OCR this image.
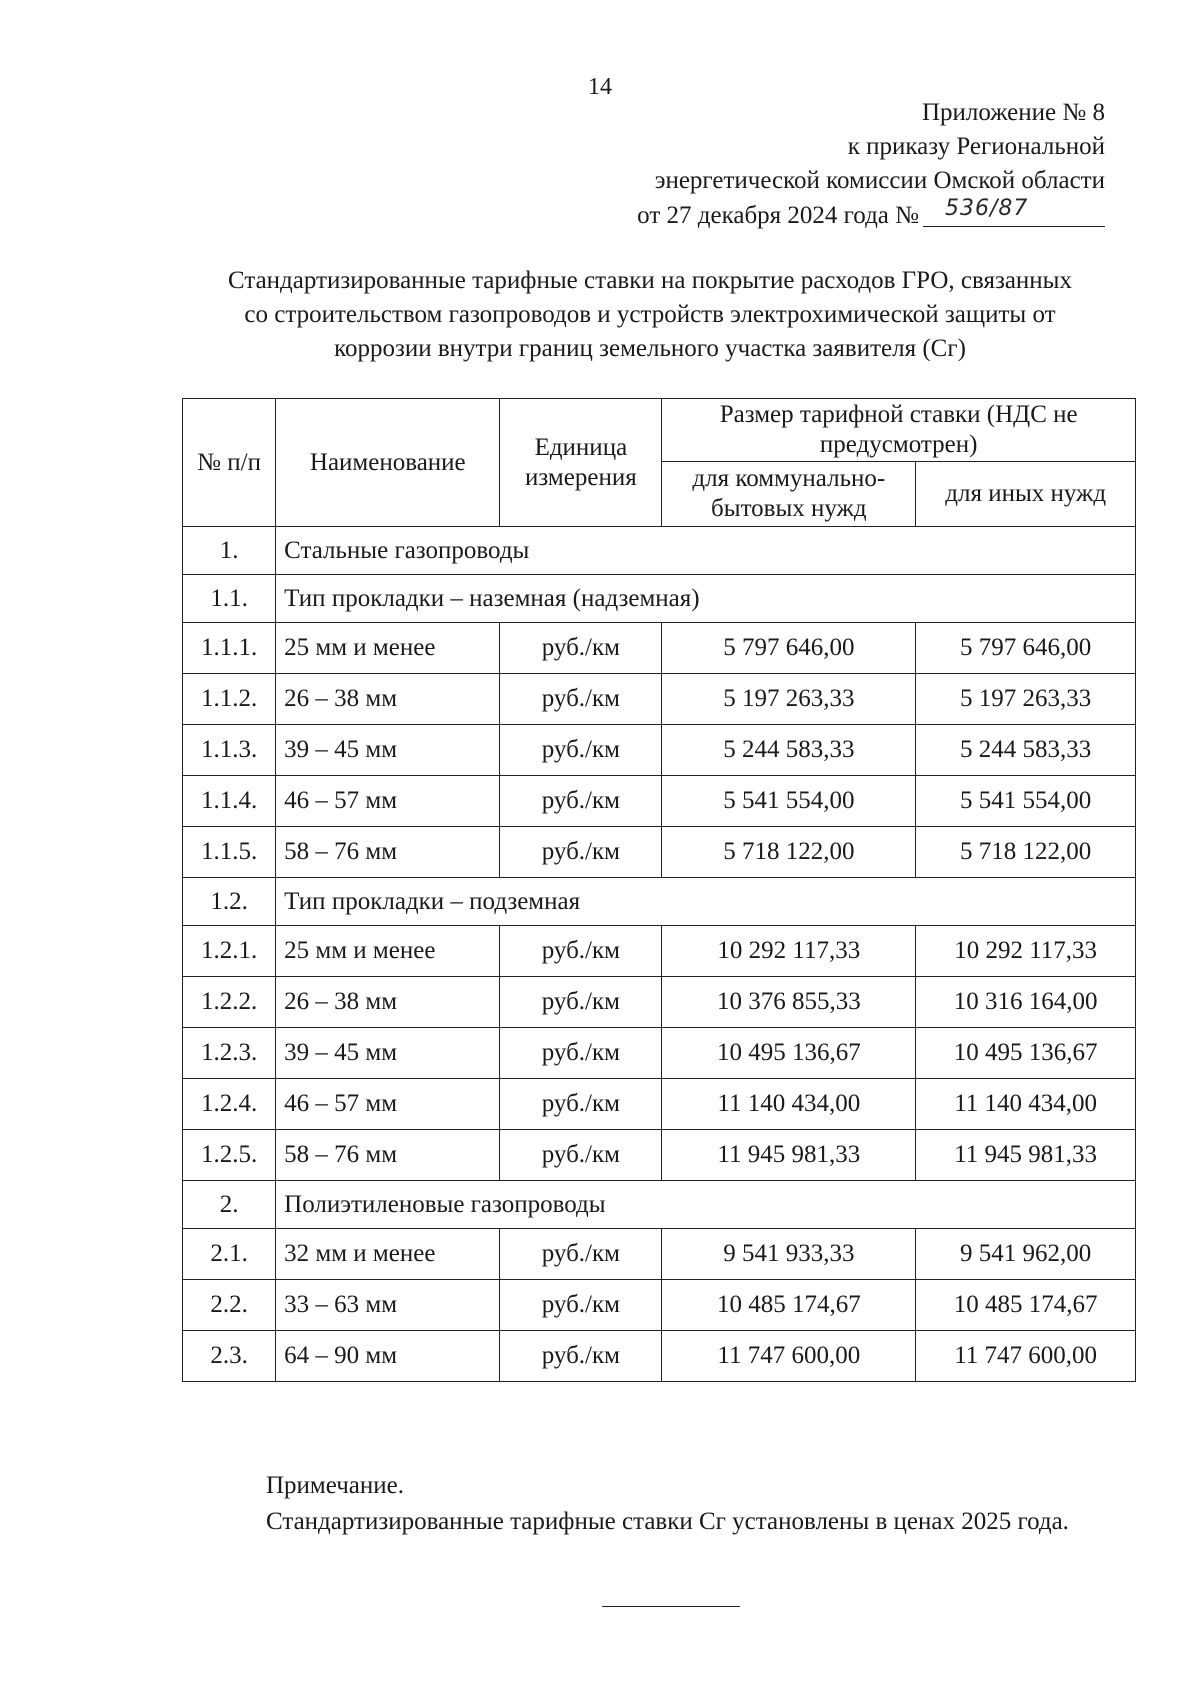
14
Приложение № 8
к приказу Региональной
энергетической комиссии Омской области
от 27 декабря 2024 года № 536/87
Стандартизированные тарифные ставки на покрытие расходов ГРО, связанных
со строительством газопроводов и устройств электрохимической защиты от
коррозии внутри границ земельного участка заявителя (Сг)
№ п/п	Наименование	Единица измерения	Размер тарифной ставки (НДС не предусмотрен)	
			для коммунально-бытовых нужд	для иных нужд
1.	Стальные газопроводы			
1.1.	Тип прокладки – наземная (надземная)			
1.1.1.	25 мм и менее	руб./км	5 797 646,00	5 797 646,00
1.1.2.	26 – 38 мм	руб./км	5 197 263,33	5 197 263,33
1.1.3.	39 – 45 мм	руб./км	5 244 583,33	5 244 583,33
1.1.4.	46 – 57 мм	руб./км	5 541 554,00	5 541 554,00
1.1.5.	58 – 76 мм	руб./км	5 718 122,00	5 718 122,00
1.2.	Тип прокладки – подземная			
1.2.1.	25 мм и менее	руб./км	10 292 117,33	10 292 117,33
1.2.2.	26 – 38 мм	руб./км	10 376 855,33	10 316 164,00
1.2.3.	39 – 45 мм	руб./км	10 495 136,67	10 495 136,67
1.2.4.	46 – 57 мм	руб./км	11 140 434,00	11 140 434,00
1.2.5.	58 – 76 мм	руб./км	11 945 981,33	11 945 981,33
2.	Полиэтиленовые газопроводы			
2.1.	32 мм и менее	руб./км	9 541 933,33	9 541 962,00
2.2.	33 – 63 мм	руб./км	10 485 174,67	10 485 174,67
2.3.	64 – 90 мм	руб./км	11 747 600,00	11 747 600,00
Примечание.
Стандартизированные тарифные ставки Сг установлены в ценах 2025 года.
